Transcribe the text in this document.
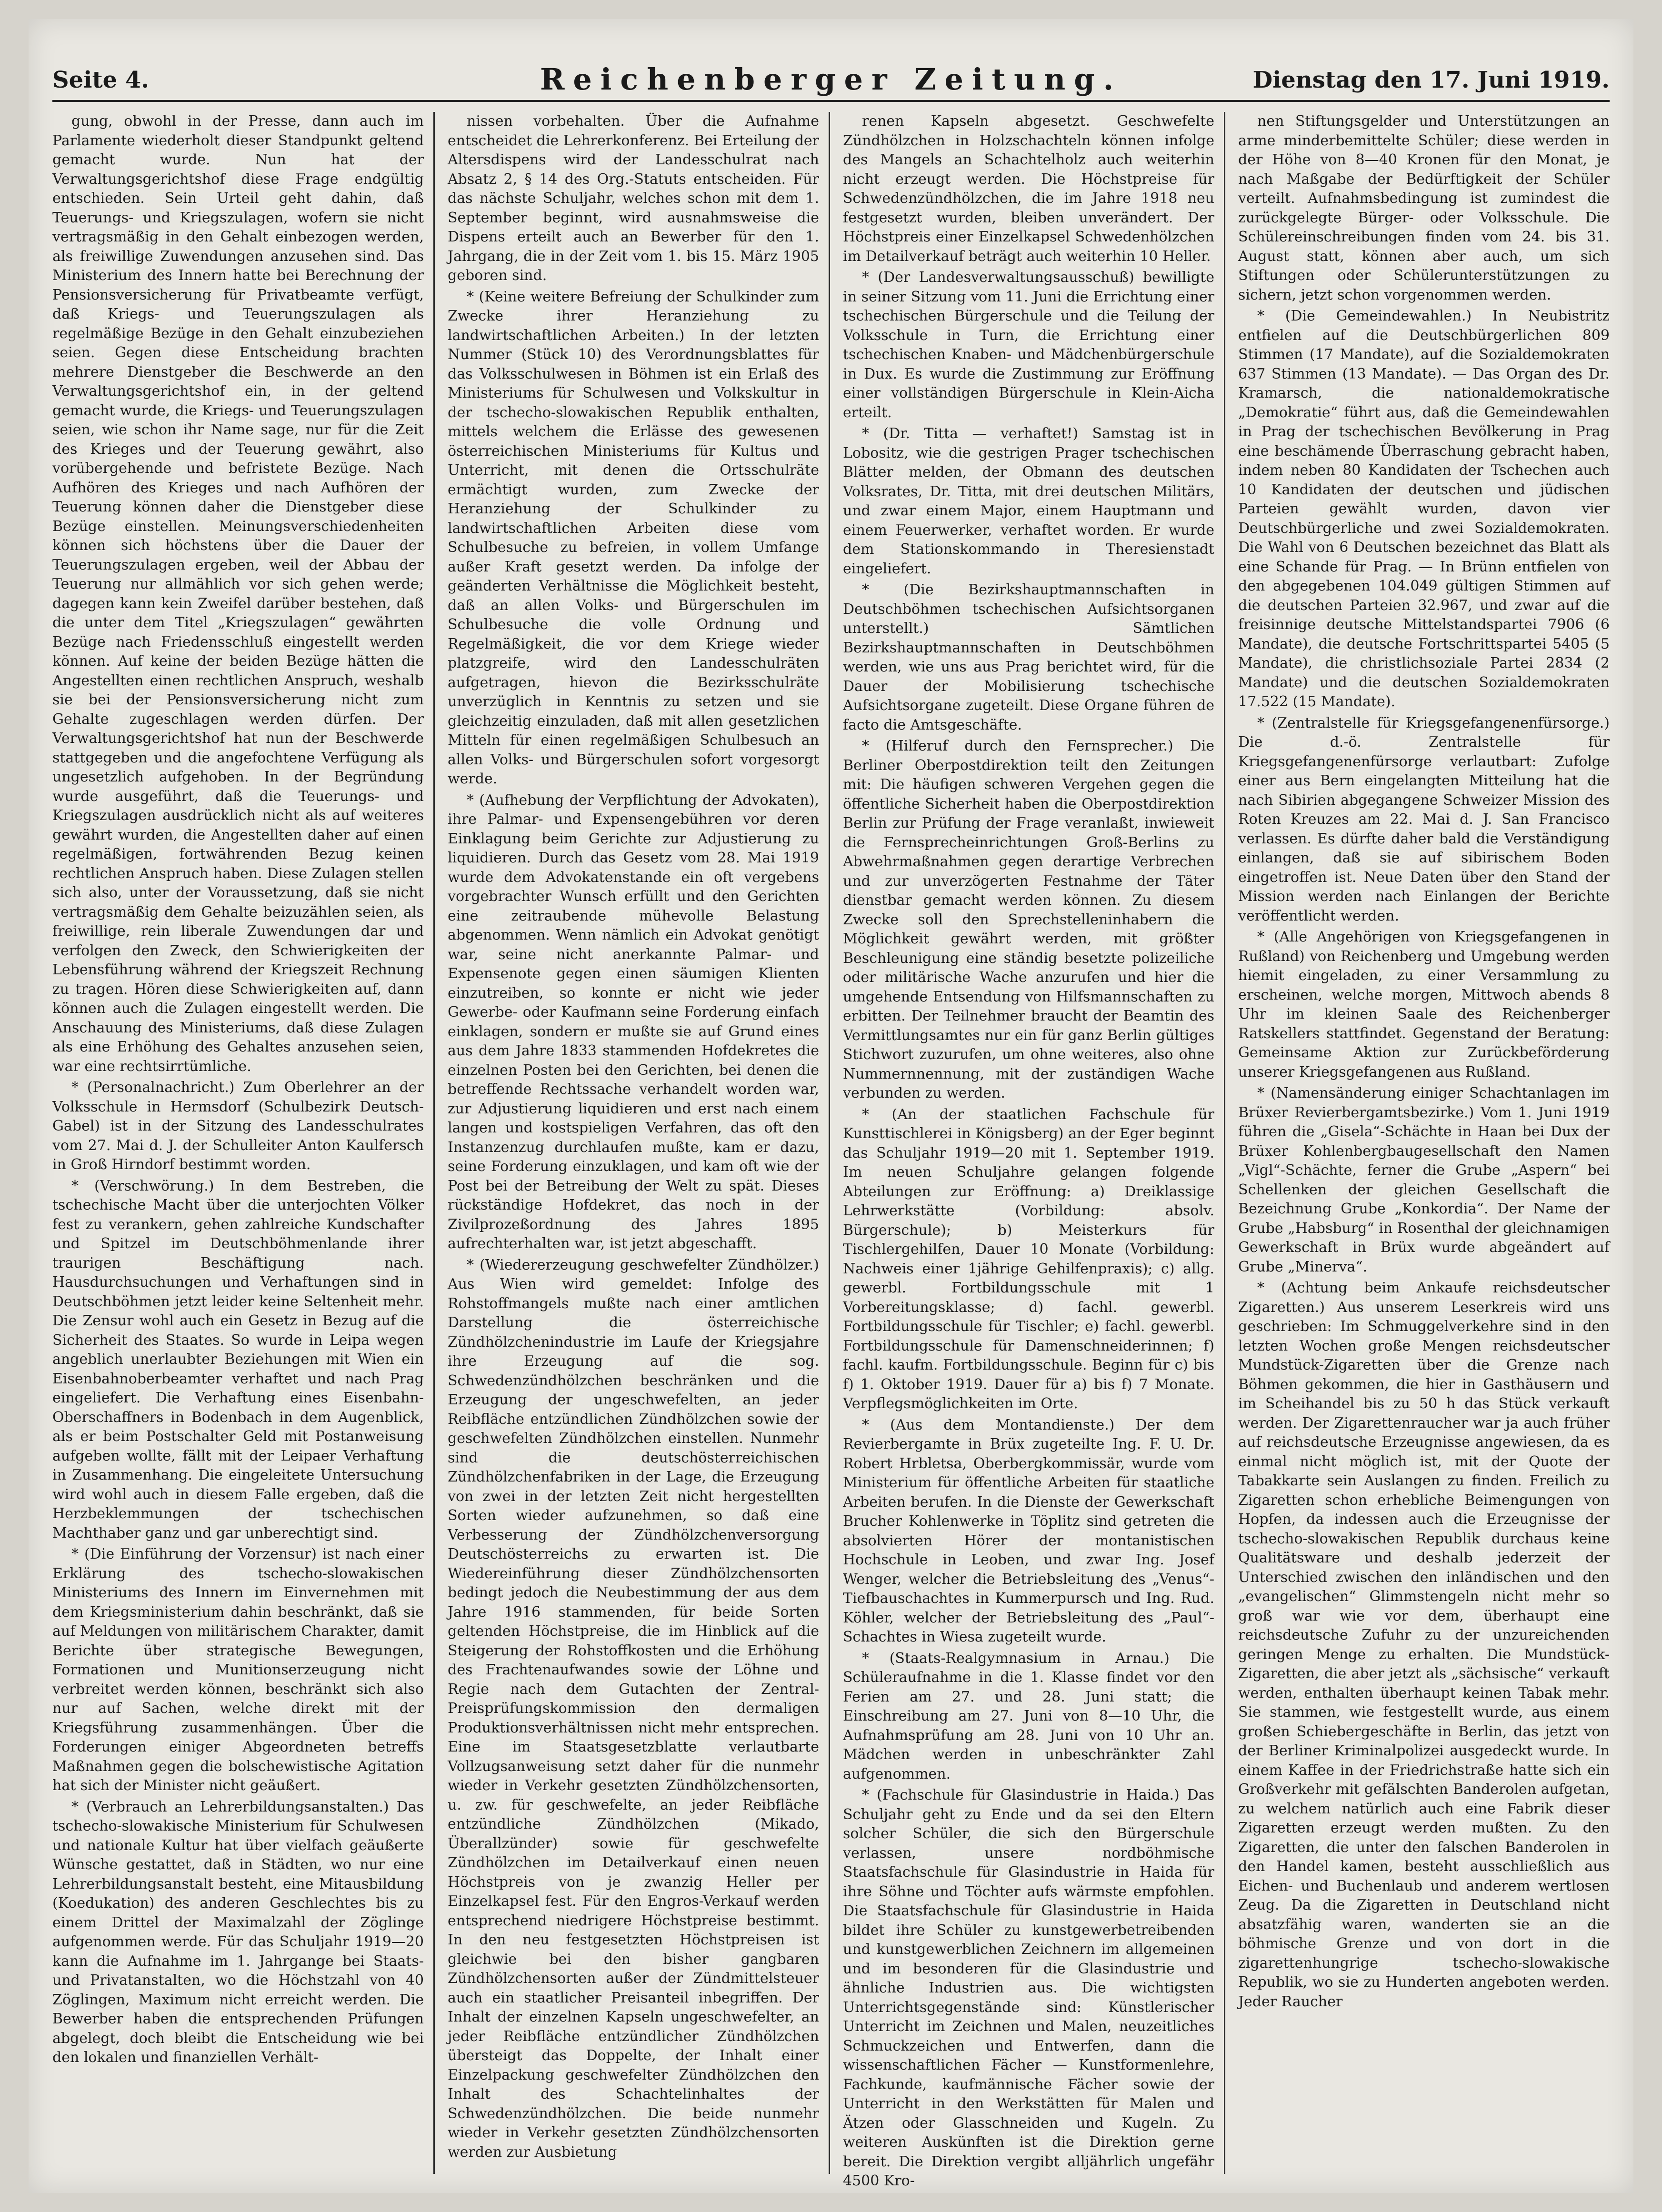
Seite 4.	Reichenberger Zeitung.	Dienstag den 17. Juni 1919.

gung, obwohl in der Presse, dann auch im Parlamente wiederholt dieser Standpunkt geltend gemacht wurde. Nun hat der Verwaltungsgerichtshof diese Frage endgültig entschieden. Sein Urteil geht dahin, daß Teuerungs- und Kriegszulagen, wofern sie nicht vertragsmäßig in den Gehalt einbezogen werden, als freiwillige Zuwendungen anzusehen sind. Das Ministerium des Innern hatte bei Berechnung der Pensionsversicherung für Privatbeamte verfügt, daß Kriegs- und Teuerungszulagen als regelmäßige Bezüge in den Gehalt einzubeziehen seien. Gegen diese Entscheidung brachten mehrere Dienstgeber die Beschwerde an den Verwaltungsgerichtshof ein, in der geltend gemacht wurde, die Kriegs- und Teuerungszulagen seien, wie schon ihr Name sage, nur für die Zeit des Krieges und der Teuerung gewährt, also vorübergehende und befristete Bezüge. Nach Aufhören des Krieges und nach Aufhören der Teuerung können daher die Dienstgeber diese Bezüge einstellen. Meinungsverschiedenheiten können sich höchstens über die Dauer der Teuerungszulagen ergeben, weil der Abbau der Teuerung nur allmählich vor sich gehen werde; dagegen kann kein Zweifel darüber bestehen, daß die unter dem Titel „Kriegszulagen“ gewährten Bezüge nach Friedensschluß eingestellt werden können. Auf keine der beiden Bezüge hätten die Angestellten einen rechtlichen Anspruch, weshalb sie bei der Pensionsversicherung nicht zum Gehalte zugeschlagen werden dürfen. Der Verwaltungsgerichtshof hat nun der Beschwerde stattgegeben und die angefochtene Verfügung als ungesetzlich aufgehoben. In der Begründung wurde ausgeführt, daß die Teuerungs- und Kriegszulagen ausdrücklich nicht als auf weiteres gewährt wurden, die Angestellten daher auf einen regelmäßigen, fortwährenden Bezug keinen rechtlichen Anspruch haben. Diese Zulagen stellen sich also, unter der Voraussetzung, daß sie nicht vertragsmäßig dem Gehalte beizuzählen seien, als freiwillige, rein liberale Zuwendungen dar und verfolgen den Zweck, den Schwierigkeiten der Lebensführung während der Kriegszeit Rechnung zu tragen. Hören diese Schwierigkeiten auf, dann können auch die Zulagen eingestellt werden. Die Anschauung des Ministeriums, daß diese Zulagen als eine Erhöhung des Gehaltes anzusehen seien, war eine rechtsirrtümliche.

* (Personalnachricht.) Zum Oberlehrer an der Volksschule in Hermsdorf (Schulbezirk Deutsch-Gabel) ist in der Sitzung des Landesschulrates vom 27. Mai d. J. der Schulleiter Anton Kaulfersch in Groß Hirndorf bestimmt worden.

* (Verschwörung.) In dem Bestreben, die tschechische Macht über die unterjochten Völker fest zu verankern, gehen zahlreiche Kundschafter und Spitzel im Deutschböhmenlande ihrer traurigen Beschäftigung nach. Hausdurchsuchungen und Verhaftungen sind in Deutschböhmen jetzt leider keine Seltenheit mehr. Die Zensur wohl auch ein Gesetz in Bezug auf die Sicherheit des Staates. So wurde in Leipa wegen angeblich unerlaubter Beziehungen mit Wien ein Eisenbahnoberbeamter verhaftet und nach Prag eingeliefert. Die Verhaftung eines Eisenbahn-Oberschaffners in Bodenbach in dem Augenblick, als er beim Postschalter Geld mit Postanweisung aufgeben wollte, fällt mit der Leipaer Verhaftung in Zusammenhang. Die eingeleitete Untersuchung wird wohl auch in diesem Falle ergeben, daß die Herzbeklemmungen der tschechischen Machthaber ganz und gar unberechtigt sind.

* (Die Einführung der Vorzensur) ist nach einer Erklärung des tschecho-slowakischen Ministeriums des Innern im Einvernehmen mit dem Kriegsministerium dahin beschränkt, daß sie auf Meldungen von militärischem Charakter, damit Berichte über strategische Bewegungen, Formationen und Munitionserzeugung nicht verbreitet werden können, beschränkt sich also nur auf Sachen, welche direkt mit der Kriegsführung zusammenhängen. Über die Forderungen einiger Abgeordneten betreffs Maßnahmen gegen die bolschewistische Agitation hat sich der Minister nicht geäußert.

* (Verbrauch an Lehrerbildungsanstalten.) Das tschecho-slowakische Ministerium für Schulwesen und nationale Kultur hat über vielfach geäußerte Wünsche gestattet, daß in Städten, wo nur eine Lehrerbildungsanstalt besteht, eine Mitausbildung (Koedukation) des anderen Geschlechtes bis zu einem Drittel der Maximalzahl der Zöglinge aufgenommen werde. Für das Schuljahr 1919—20 kann die Aufnahme im 1. Jahrgange bei Staats- und Privatanstalten, wo die Höchstzahl von 40 Zöglingen, Maximum nicht erreicht werden. Die Bewerber haben die entsprechenden Prüfungen abgelegt, doch bleibt die Entscheidung wie bei den lokalen und finanziellen Verhält-

nissen vorbehalten. Über die Aufnahme entscheidet die Lehrerkonferenz. Bei Erteilung der Altersdispens wird der Landesschulrat nach Absatz 2, § 14 des Org.-Statuts entscheiden. Für das nächste Schuljahr, welches schon mit dem 1. September beginnt, wird ausnahmsweise die Dispens erteilt auch an Bewerber für den 1. Jahrgang, die in der Zeit vom 1. bis 15. März 1905 geboren sind.

* (Keine weitere Befreiung der Schulkinder zum Zwecke ihrer Heranziehung zu landwirtschaftlichen Arbeiten.) In der letzten Nummer (Stück 10) des Verordnungsblattes für das Volksschulwesen in Böhmen ist ein Erlaß des Ministeriums für Schulwesen und Volkskultur in der tschecho-slowakischen Republik enthalten, mittels welchem die Erlässe des gewesenen österreichischen Ministeriums für Kultus und Unterricht, mit denen die Ortsschulräte ermächtigt wurden, zum Zwecke der Heranziehung der Schulkinder zu landwirtschaftlichen Arbeiten diese vom Schulbesuche zu befreien, in vollem Umfange außer Kraft gesetzt werden. Da infolge der geänderten Verhältnisse die Möglichkeit besteht, daß an allen Volks- und Bürgerschulen im Schulbesuche die volle Ordnung und Regelmäßigkeit, die vor dem Kriege wieder platzgreife, wird den Landesschulräten aufgetragen, hievon die Bezirksschulräte unverzüglich in Kenntnis zu setzen und sie gleichzeitig einzuladen, daß mit allen gesetzlichen Mitteln für einen regelmäßigen Schulbesuch an allen Volks- und Bürgerschulen sofort vorgesorgt werde.

* (Aufhebung der Verpflichtung der Advokaten), ihre Palmar- und Expensengebühren vor deren Einklagung beim Gerichte zur Adjustierung zu liquidieren. Durch das Gesetz vom 28. Mai 1919 wurde dem Advokatenstande ein oft vergebens vorgebrachter Wunsch erfüllt und den Gerichten eine zeitraubende mühevolle Belastung abgenommen. Wenn nämlich ein Advokat genötigt war, seine nicht anerkannte Palmar- und Expensenote gegen einen säumigen Klienten einzutreiben, so konnte er nicht wie jeder Gewerbe- oder Kaufmann seine Forderung einfach einklagen, sondern er mußte sie auf Grund eines aus dem Jahre 1833 stammenden Hofdekretes die einzelnen Posten bei den Gerichten, bei denen die betreffende Rechtssache verhandelt worden war, zur Adjustierung liquidieren und erst nach einem langen und kostspieligen Verfahren, das oft den Instanzenzug durchlaufen mußte, kam er dazu, seine Forderung einzuklagen, und kam oft wie der Post bei der Betreibung der Welt zu spät. Dieses rückständige Hofdekret, das noch in der Zivilprozeßordnung des Jahres 1895 aufrechterhalten war, ist jetzt abgeschafft.

* (Wiedererzeugung geschwefelter Zündhölzer.) Aus Wien wird gemeldet: Infolge des Rohstoffmangels mußte nach einer amtlichen Darstellung die österreichische Zündhölzchenindustrie im Laufe der Kriegsjahre ihre Erzeugung auf die sog. Schwedenzündhölzchen beschränken und die Erzeugung der ungeschwefelten, an jeder Reibfläche entzündlichen Zündhölzchen sowie der geschwefelten Zündhölzchen einstellen. Nunmehr sind die deutschösterreichischen Zündhölzchenfabriken in der Lage, die Erzeugung von zwei in der letzten Zeit nicht hergestellten Sorten wieder aufzunehmen, so daß eine Verbesserung der Zündhölzchenversorgung Deutschösterreichs zu erwarten ist. Die Wiedereinführung dieser Zündhölzchensorten bedingt jedoch die Neubestimmung der aus dem Jahre 1916 stammenden, für beide Sorten geltenden Höchstpreise, die im Hinblick auf die Steigerung der Rohstoffkosten und die Erhöhung des Frachtenaufwandes sowie der Löhne und Regie nach dem Gutachten der Zentral-Preisprüfungskommission den dermaligen Produktionsverhältnissen nicht mehr entsprechen. Eine im Staatsgesetzblatte verlautbarte Vollzugsanweisung setzt daher für die nunmehr wieder in Verkehr gesetzten Zündhölzchensorten, u. zw. für geschwefelte, an jeder Reibfläche entzündliche Zündhölzchen (Mikado, Überallzünder) sowie für geschwefelte Zündhölzchen im Detailverkauf einen neuen Höchstpreis von je zwanzig Heller per Einzelkapsel fest. Für den Engros-Verkauf werden entsprechend niedrigere Höchstpreise bestimmt. In den neu festgesetzten Höchstpreisen ist gleichwie bei den bisher gangbaren Zündhölzchensorten außer der Zündmittelsteuer auch ein staatlicher Preisanteil inbegriffen. Der Inhalt der einzelnen Kapseln ungeschwefelter, an jeder Reibfläche entzündlicher Zündhölzchen übersteigt das Doppelte, der Inhalt einer Einzelpackung geschwefelter Zündhölzchen den Inhalt des Schachtelinhaltes der Schwedenzündhölzchen. Die beide nunmehr wieder in Verkehr gesetzten Zündhölzchensorten werden zur Ausbietung

renen Kapseln abgesetzt. Geschwefelte Zündhölzchen in Holzschachteln können infolge des Mangels an Schachtelholz auch weiterhin nicht erzeugt werden. Die Höchstpreise für Schwedenzündhölzchen, die im Jahre 1918 neu festgesetzt wurden, bleiben unverändert. Der Höchstpreis einer Einzelkapsel Schwedenhölzchen im Detailverkauf beträgt auch weiterhin 10 Heller.

* (Der Landesverwaltungsausschuß) bewilligte in seiner Sitzung vom 11. Juni die Errichtung einer tschechischen Bürgerschule und die Teilung der Volksschule in Turn, die Errichtung einer tschechischen Knaben- und Mädchenbürgerschule in Dux. Es wurde die Zustimmung zur Eröffnung einer vollständigen Bürgerschule in Klein-Aicha erteilt.

* (Dr. Titta — verhaftet!) Samstag ist in Lobositz, wie die gestrigen Prager tschechischen Blätter melden, der Obmann des deutschen Volksrates, Dr. Titta, mit drei deutschen Militärs, und zwar einem Major, einem Hauptmann und einem Feuerwerker, verhaftet worden. Er wurde dem Stationskommando in Theresienstadt eingeliefert.

* (Die Bezirkshauptmannschaften in Deutschböhmen tschechischen Aufsichtsorganen unterstellt.) Sämtlichen Bezirkshauptmannschaften in Deutschböhmen werden, wie uns aus Prag berichtet wird, für die Dauer der Mobilisierung tschechische Aufsichtsorgane zugeteilt. Diese Organe führen de facto die Amtsgeschäfte.

* (Hilferuf durch den Fernsprecher.) Die Berliner Oberpostdirektion teilt den Zeitungen mit: Die häufigen schweren Vergehen gegen die öffentliche Sicherheit haben die Oberpostdirektion Berlin zur Prüfung der Frage veranlaßt, inwieweit die Fernsprecheinrichtungen Groß-Berlins zu Abwehrmaßnahmen gegen derartige Verbrechen und zur unverzögerten Festnahme der Täter dienstbar gemacht werden können. Zu diesem Zwecke soll den Sprechstelleninhabern die Möglichkeit gewährt werden, mit größter Beschleunigung eine ständig besetzte polizeiliche oder militärische Wache anzurufen und hier die umgehende Entsendung von Hilfsmannschaften zu erbitten. Der Teilnehmer braucht der Beamtin des Vermittlungsamtes nur ein für ganz Berlin gültiges Stichwort zuzurufen, um ohne weiteres, also ohne Nummernnennung, mit der zuständigen Wache verbunden zu werden.

* (An der staatlichen Fachschule für Kunsttischlerei in Königsberg) an der Eger beginnt das Schuljahr 1919—20 mit 1. September 1919. Im neuen Schuljahre gelangen folgende Abteilungen zur Eröffnung: a) Dreiklassige Lehrwerkstätte (Vorbildung: absolv. Bürgerschule); b) Meisterkurs für Tischlergehilfen, Dauer 10 Monate (Vorbildung: Nachweis einer 1jährige Gehilfenpraxis); c) allg. gewerbl. Fortbildungsschule mit 1 Vorbereitungsklasse; d) fachl. gewerbl. Fortbildungsschule für Tischler; e) fachl. gewerbl. Fortbildungsschule für Damenschneiderinnen; f) fachl. kaufm. Fortbildungsschule. Beginn für c) bis f) 1. Oktober 1919. Dauer für a) bis f) 7 Monate. Verpflegsmöglichkeiten im Orte.

* (Aus dem Montandienste.) Der dem Revierbergamte in Brüx zugeteilte Ing. F. U. Dr. Robert Hrbletsa, Oberbergkommissär, wurde vom Ministerium für öffentliche Arbeiten für staatliche Arbeiten berufen. In die Dienste der Gewerkschaft Brucher Kohlenwerke in Töplitz sind getreten die absolvierten Hörer der montanistischen Hochschule in Leoben, und zwar Ing. Josef Wenger, welcher die Betriebsleitung des „Venus“-Tiefbauschachtes in Kummerpursch und Ing. Rud. Köhler, welcher der Betriebsleitung des „Paul“-Schachtes in Wiesa zugeteilt wurde.

* (Staats-Realgymnasium in Arnau.) Die Schüleraufnahme in die 1. Klasse findet vor den Ferien am 27. und 28. Juni statt; die Einschreibung am 27. Juni von 8—10 Uhr, die Aufnahmsprüfung am 28. Juni von 10 Uhr an. Mädchen werden in unbeschränkter Zahl aufgenommen.

* (Fachschule für Glasindustrie in Haida.) Das Schuljahr geht zu Ende und da sei den Eltern solcher Schüler, die sich den Bürgerschule verlassen, unsere nordböhmische Staatsfachschule für Glasindustrie in Haida für ihre Söhne und Töchter aufs wärmste empfohlen. Die Staatsfachschule für Glasindustrie in Haida bildet ihre Schüler zu kunstgewerbetreibenden und kunstgewerblichen Zeichnern im allgemeinen und im besonderen für die Glasindustrie und ähnliche Industrien aus. Die wichtigsten Unterrichtsgegenstände sind: Künstlerischer Unterricht im Zeichnen und Malen, neuzeitliches Schmuckzeichen und Entwerfen, dann die wissenschaftlichen Fächer — Kunstformenlehre, Fachkunde, kaufmännische Fächer sowie der Unterricht in den Werkstätten für Malen und Ätzen oder Glasschneiden und Kugeln. Zu weiteren Auskünften ist die Direktion gerne bereit. Die Direktion vergibt alljährlich ungefähr 4500 Kro-

nen Stiftungsgelder und Unterstützungen an arme minderbemittelte Schüler; diese werden in der Höhe von 8—40 Kronen für den Monat, je nach Maßgabe der Bedürftigkeit der Schüler verteilt. Aufnahmsbedingung ist zumindest die zurückgelegte Bürger- oder Volksschule. Die Schülereinschreibungen finden vom 24. bis 31. August statt, können aber auch, um sich Stiftungen oder Schülerunterstützungen zu sichern, jetzt schon vorgenommen werden.

* (Die Gemeindewahlen.) In Neubistritz entfielen auf die Deutschbürgerlichen 809 Stimmen (17 Mandate), auf die Sozialdemokraten 637 Stimmen (13 Mandate). — Das Organ des Dr. Kramarsch, die nationaldemokratische „Demokratie“ führt aus, daß die Gemeindewahlen in Prag der tschechischen Bevölkerung in Prag eine beschämende Überraschung gebracht haben, indem neben 80 Kandidaten der Tschechen auch 10 Kandidaten der deutschen und jüdischen Parteien gewählt wurden, davon vier Deutschbürgerliche und zwei Sozialdemokraten. Die Wahl von 6 Deutschen bezeichnet das Blatt als eine Schande für Prag. — In Brünn entfielen von den abgegebenen 104.049 gültigen Stimmen auf die deutschen Parteien 32.967, und zwar auf die freisinnige deutsche Mittelstandspartei 7906 (6 Mandate), die deutsche Fortschrittspartei 5405 (5 Mandate), die christlichsoziale Partei 2834 (2 Mandate) und die deutschen Sozialdemokraten 17.522 (15 Mandate).

* (Zentralstelle für Kriegsgefangenenfürsorge.) Die d.-ö. Zentralstelle für Kriegsgefangenenfürsorge verlautbart: Zufolge einer aus Bern eingelangten Mitteilung hat die nach Sibirien abgegangene Schweizer Mission des Roten Kreuzes am 22. Mai d. J. San Francisco verlassen. Es dürfte daher bald die Verständigung einlangen, daß sie auf sibirischem Boden eingetroffen ist. Neue Daten über den Stand der Mission werden nach Einlangen der Berichte veröffentlicht werden.

* (Alle Angehörigen von Kriegsgefangenen in Rußland) von Reichenberg und Umgebung werden hiemit eingeladen, zu einer Versammlung zu erscheinen, welche morgen, Mittwoch abends 8 Uhr im kleinen Saale des Reichenberger Ratskellers stattfindet. Gegenstand der Beratung: Gemeinsame Aktion zur Zurückbeförderung unserer Kriegsgefangenen aus Rußland.

* (Namensänderung einiger Schachtanlagen im Brüxer Revierbergamtsbezirke.) Vom 1. Juni 1919 führen die „Gisela“-Schächte in Haan bei Dux der Brüxer Kohlenbergbaugesellschaft den Namen „Vigl“-Schächte, ferner die Grube „Aspern“ bei Schellenken der gleichen Gesellschaft die Bezeichnung Grube „Konkordia“. Der Name der Grube „Habsburg“ in Rosenthal der gleichnamigen Gewerkschaft in Brüx wurde abgeändert auf Grube „Minerva“.

* (Achtung beim Ankaufe reichsdeutscher Zigaretten.) Aus unserem Leserkreis wird uns geschrieben: Im Schmuggelverkehre sind in den letzten Wochen große Mengen reichsdeutscher Mundstück-Zigaretten über die Grenze nach Böhmen gekommen, die hier in Gasthäusern und im Scheihandel bis zu 50 h das Stück verkauft werden. Der Zigarettenraucher war ja auch früher auf reichsdeutsche Erzeugnisse angewiesen, da es einmal nicht möglich ist, mit der Quote der Tabakkarte sein Auslangen zu finden. Freilich zu Zigaretten schon erhebliche Beimengungen von Hopfen, da indessen auch die Erzeugnisse der tschecho-slowakischen Republik durchaus keine Qualitätsware und deshalb jederzeit der Unterschied zwischen den inländischen und den „evangelischen“ Glimmstengeln nicht mehr so groß war wie vor dem, überhaupt eine reichsdeutsche Zufuhr zu der unzureichenden geringen Menge zu erhalten. Die Mundstück-Zigaretten, die aber jetzt als „sächsische“ verkauft werden, enthalten überhaupt keinen Tabak mehr. Sie stammen, wie festgestellt wurde, aus einem großen Schiebergeschäfte in Berlin, das jetzt von der Berliner Kriminalpolizei ausgedeckt wurde. In einem Kaffee in der Friedrichstraße hatte sich ein Großverkehr mit gefälschten Banderolen aufgetan, zu welchem natürlich auch eine Fabrik dieser Zigaretten erzeugt werden mußten. Zu den Zigaretten, die unter den falschen Banderolen in den Handel kamen, besteht ausschließlich aus Eichen- und Buchenlaub und anderem wertlosen Zeug. Da die Zigaretten in Deutschland nicht absatzfähig waren, wanderten sie an die böhmische Grenze und von dort in die zigarettenhungrige tschecho-slowakische Republik, wo sie zu Hunderten angeboten werden. Jeder Raucher
